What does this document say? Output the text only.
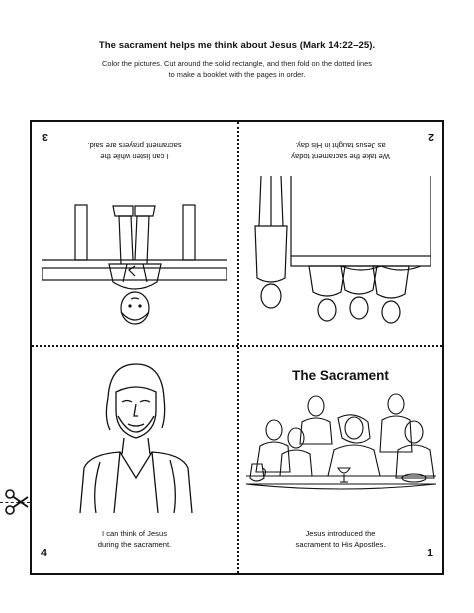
The sacrament helps me think about Jesus (Mark 14:22–25).
Color the pictures. Cut around the solid rectangle, and then fold on the dotted lines
to make a booklet with the pages in order.
I can listen while the
sacrament prayers are said.
3
We take the sacrament today
as Jesus taught in His day.
2
I can think of Jesus
during the sacrament.
4
The Sacrament
Jesus introduced the
sacrament to His Apostles.
1
